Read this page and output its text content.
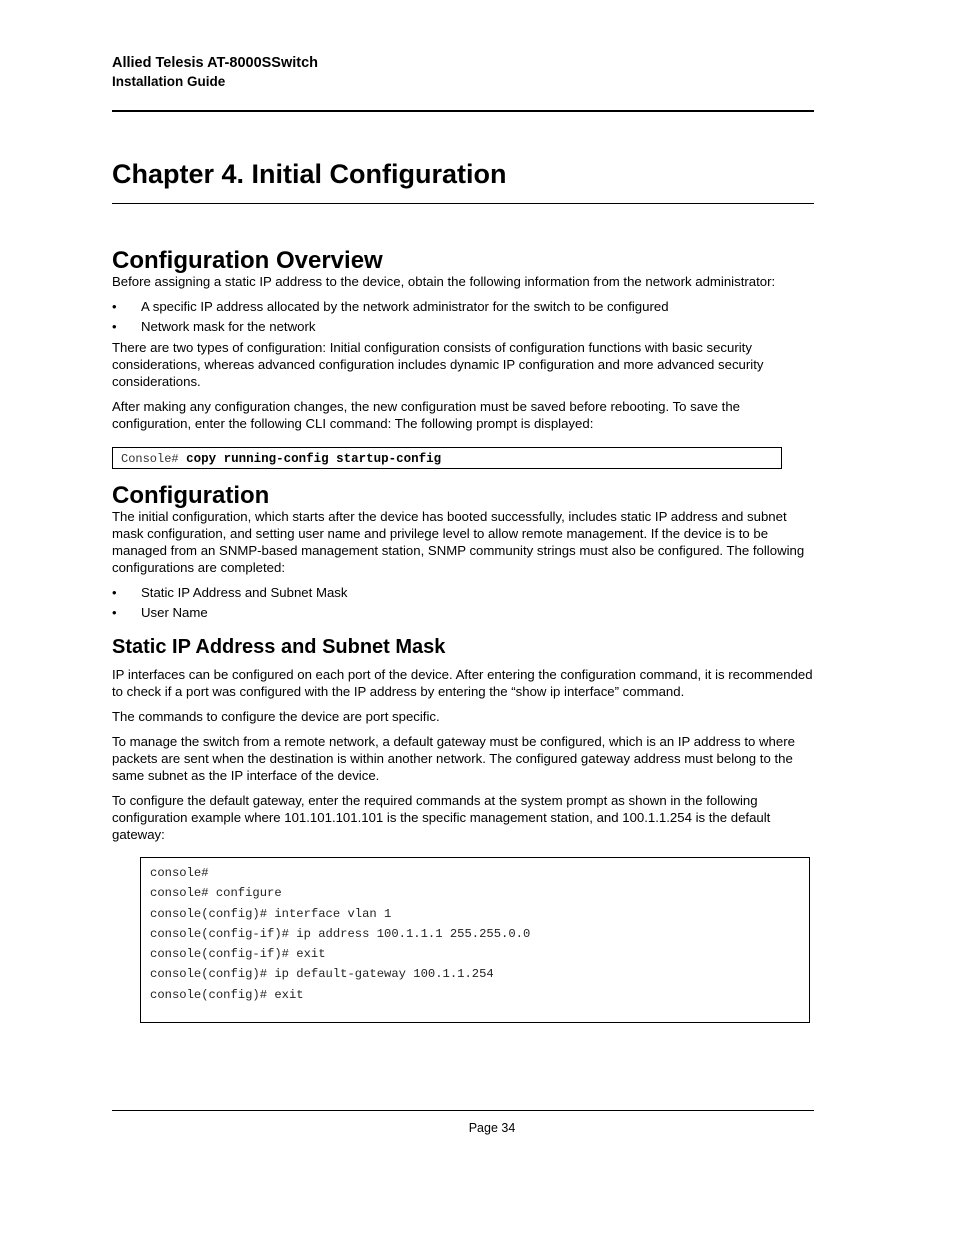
Allied Telesis AT-8000SSwitch
Installation Guide
Chapter 4. Initial Configuration
Configuration Overview

Before assigning a static IP address to the device, obtain the following information from the network administrator:

• A specific IP address allocated by the network administrator for the switch to be configured
• Network mask for the network

There are two types of configuration: Initial configuration consists of configuration functions with basic security considerations, whereas advanced configuration includes dynamic IP configuration and more advanced security considerations.

After making any configuration changes, the new configuration must be saved before rebooting. To save the configuration, enter the following CLI command: The following prompt is displayed:

Console# copy running-config startup-config
Configuration

The initial configuration, which starts after the device has booted successfully, includes static IP address and subnet mask configuration, and setting user name and privilege level to allow remote management. If the device is to be managed from an SNMP-based management station, SNMP community strings must also be configured. The following configurations are completed:

• Static IP Address and Subnet Mask
• User Name
Static IP Address and Subnet Mask

IP interfaces can be configured on each port of the device. After entering the configuration command, it is recommended to check if a port was configured with the IP address by entering the “show ip interface” command.

The commands to configure the device are port specific.

To manage the switch from a remote network, a default gateway must be configured, which is an IP address to where packets are sent when the destination is within another network. The configured gateway address must belong to the same subnet as the IP interface of the device.

To configure the default gateway, enter the required commands at the system prompt as shown in the following configuration example where 101.101.101.101 is the specific management station, and 100.1.1.254 is the default gateway:

console#
console# configure
console(config)# interface vlan 1
console(config-if)# ip address 100.1.1.1 255.255.0.0
console(config-if)# exit
console(config)# ip default-gateway 100.1.1.254
console(config)# exit
Page 34
